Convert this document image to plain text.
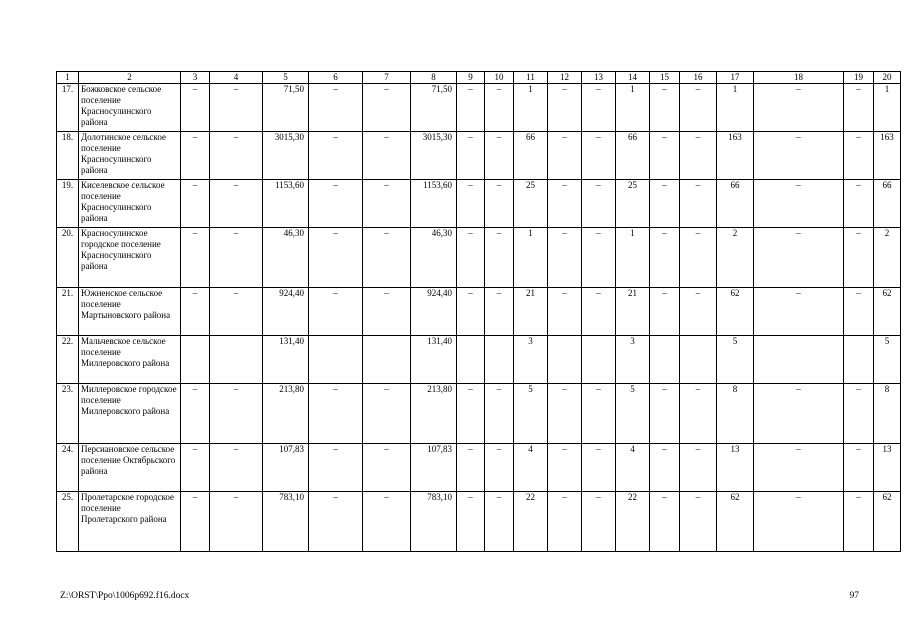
1	2	3	4	5	6	7	8	9	10	11	12	13	14	15	16	17	18	19	20
17.	Божковское сельское поселение Красносулинского района	–	–	71,50	–	–	71,50	–	–	1	–	–	1	–	–	1	–	–	1
18.	Долотинское сельское поселение Красносулинского района	–	–	3015,30	–	–	3015,30	–	–	66	–	–	66	–	–	163	–	–	163
19.	Киселевское сельское поселение Красносулинского района	–	–	1153,60	–	–	1153,60	–	–	25	–	–	25	–	–	66	–	–	66
20.	Красносулинское городское поселение Красносулинского района	–	–	46,30	–	–	46,30	–	–	1	–	–	1	–	–	2	–	–	2
21.	Южненское сельское поселение Мартыновского района	–	–	924,40	–	–	924,40	–	–	21	–	–	21	–	–	62	–	–	62
22.	Мальчевское сельское поселение Миллеровского района			131,40			131,40			3			3			5			5
23.	Миллеровское городское поселение Миллеровского района	–	–	213,80	–	–	213,80	–	–	5	–	–	5	–	–	8	–	–	8
24.	Персиановское сельское поселение Октябрьского района	–	–	107,83	–	–	107,83	–	–	4	–	–	4	–	–	13	–	–	13
25.	Пролетарское городское поселение Пролетарского района	–	–	783,10	–	–	783,10	–	–	22	–	–	22	–	–	62	–	–	62
Z:\ORST\Ppo\1006p692.f16.docx	97
